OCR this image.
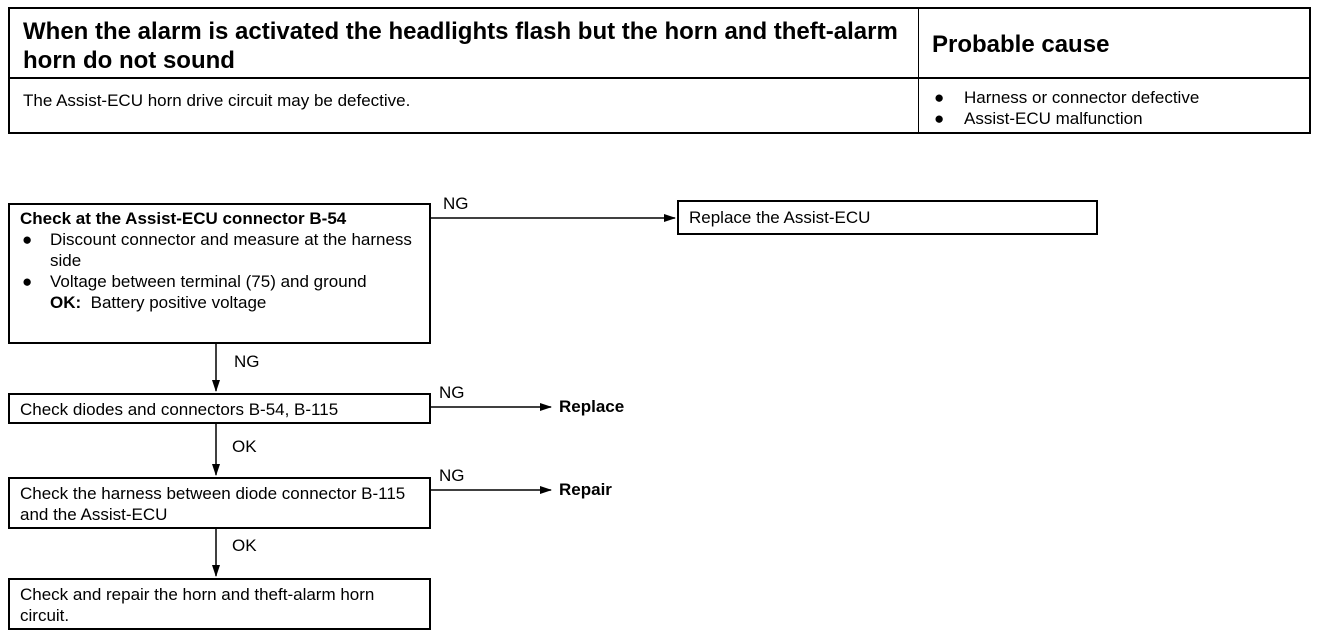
When the alarm is activated the headlights flash but the horn and theft-alarm horn do not sound
Probable cause
The Assist-ECU horn drive circuit may be defective.	● Harness or connector defective
● Assist-ECU malfunction
Check at the Assist-ECU connector B-54
● Discount connector and measure at the harness side
● Voltage between terminal (75) and ground
OK: Battery positive voltage
Replace the Assist-ECU
Check diodes and connectors B-54, B-115
Check the harness between diode connector B-115 and the Assist-ECU
Check and repair the horn and theft-alarm horn circuit.
NG
NG
NG
OK
NG
OK
Replace
Repair
